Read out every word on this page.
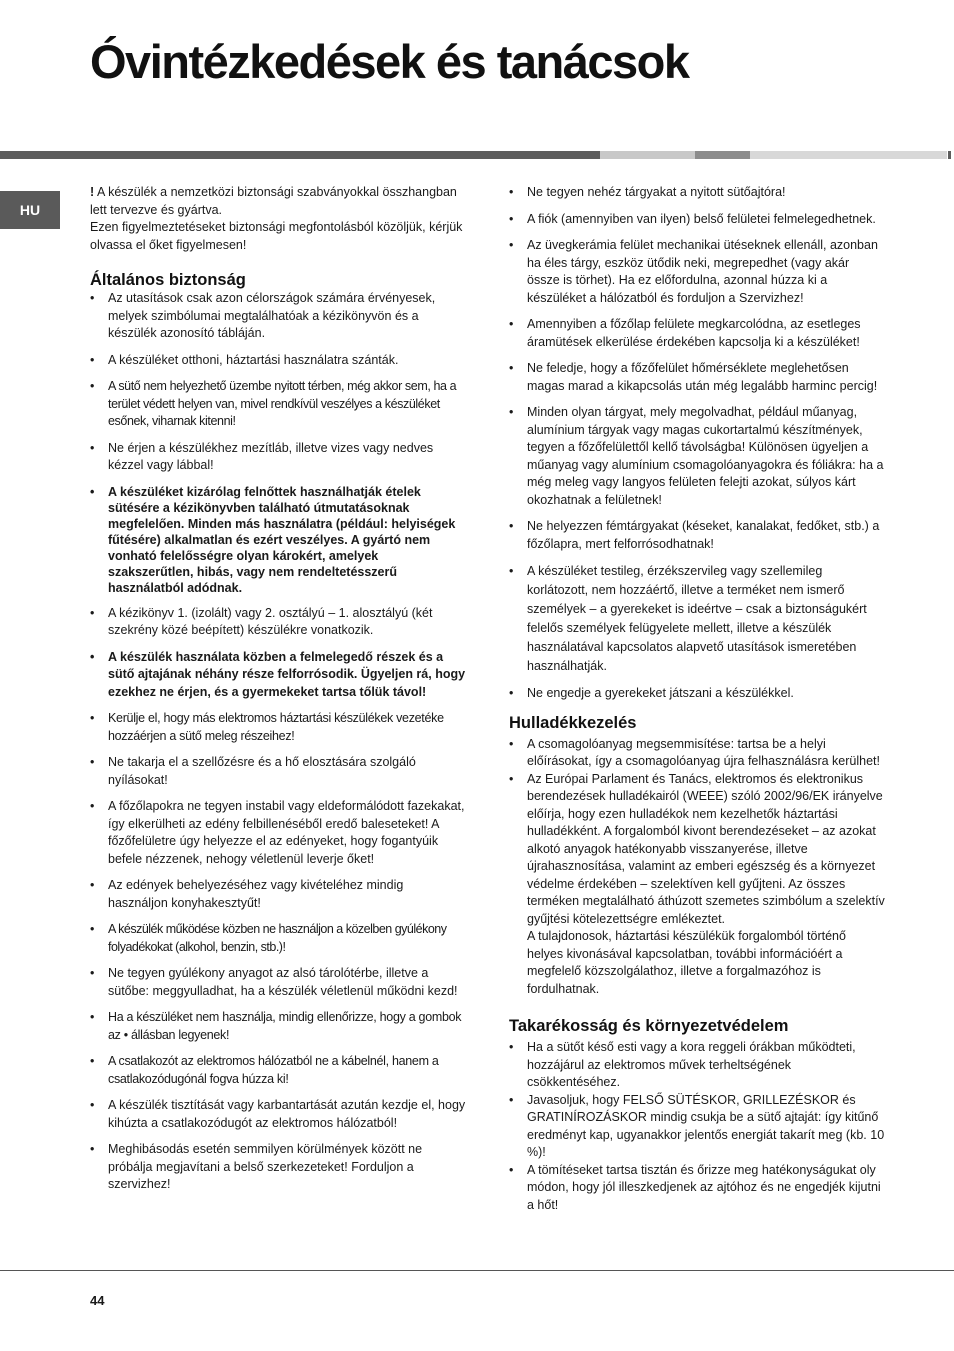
Óvintézkedések és tanácsok
HU

! A készülék a nemzetközi biztonsági szabványokkal összhangban lett tervezve és gyártva.

Ezen figyelmeztetéseket biztonsági megfontolásból közöljük, kérjük olvassa el őket figyelmesen!

Általános biztonság
• Az utasítások csak azon célországok számára érvényesek, melyek szimbólumai megtalálhatóak a kézikönyvön és a készülék azonosító tábláján.
• A készüléket otthoni, háztartási használatra szánták.
• A sütő nem helyezhető üzembe nyitott térben, még akkor sem, ha a terület védett helyen van, mivel rendkívül veszélyes a készüléket esőnek, viharnak kitenni!
• Ne érjen a készülékhez mezítláb, illetve vizes vagy nedves kézzel vagy lábbal!
• A készüléket kizárólag felnőttek használhatják ételek sütésére a kézikönyvben található útmutatásoknak megfelelően. Minden más használatra (például: helyiségek fűtésére) alkalmatlan és ezért veszélyes. A gyártó nem vonható felelősségre olyan károkért, amelyek szakszerűtlen, hibás, vagy nem rendeltetésszerű használatból adódnak.
• A kézikönyv 1. (izolált) vagy 2. osztályú – 1. alosztályú (két szekrény közé beépített) készülékre vonatkozik.
• A készülék használata közben a felmelegedő részek és a sütő ajtajának néhány része felforrósodik. Ügyeljen rá, hogy ezekhez ne érjen, és a gyermekeket tartsa tőlük távol!
• Kerülje el, hogy más elektromos háztartási készülékek vezetéke hozzáérjen a sütő meleg részeihez!
• Ne takarja el a szellőzésre és a hő elosztására szolgáló nyílásokat!
• A főzőlapokra ne tegyen instabil vagy eldeformálódott fazekakat, így elkerülheti az edény felbillenéséből eredő baleseteket! A főzőfelületre úgy helyezze el az edényeket, hogy fogantyúik befele nézzenek, nehogy véletlenül leverje őket!
• Az edények behelyezéséhez vagy kivételéhez mindig használjon konyhakesztyűt!
• A készülék működése közben ne használjon a közelben gyúlékony folyadékokat (alkohol, benzin, stb.)!
• Ne tegyen gyúlékony anyagot az alsó tárolótérbe, illetve a sütőbe: meggyulladhat, ha a készülék véletlenül működni kezd!
• Ha a készüléket nem használja, mindig ellenőrizze, hogy a gombok az • állásban legyenek!
• A csatlakozót az elektromos hálózatból ne a kábelnél, hanem a csatlakozódugónál fogva húzza ki!
• A készülék tisztítását vagy karbantartását azután kezdje el, hogy kihúzta a csatlakozódugót az elektromos hálózatból!
• Meghibásodás esetén semmilyen körülmények között ne próbálja megjavítani a belső szerkezeteket! Forduljon a szervizhez!
• Ne tegyen nehéz tárgyakat a nyitott sütőajtóra!
• A fiók (amennyiben van ilyen) belső felületei felmelegedhetnek.
• Az üvegkerámia felület mechanikai ütéseknek ellenáll, azonban ha éles tárgy, eszköz ütődik neki, megrepedhet (vagy akár össze is törhet). Ha ez előfordulna, azonnal húzza ki a készüléket a hálózatból és forduljon a Szervizhez!
• Amennyiben a főzőlap felülete megkarcolódna, az esetleges áramütések elkerülése érdekében kapcsolja ki a készüléket!
• Ne feledje, hogy a főzőfelület hőmérséklete meglehetősen magas marad a kikapcsolás után még legalább harminc percig!
• Minden olyan tárgyat, mely megolvadhat, például műanyag, alumínium tárgyak vagy magas cukortartalmú készítmények, tegyen a főzőfelülettől kellő távolságba! Különösen ügyeljen a műanyag vagy alumínium csomagolóanyagokra és fóliákra: ha a még meleg vagy langyos felületen felejti azokat, súlyos kárt okozhatnak a felületnek!
• Ne helyezzen fémtárgyakat (késeket, kanalakat, fedőket, stb.) a főzőlapra, mert felforrósodhatnak!
• A készüléket testileg, érzékszervileg vagy szellemileg korlátozott, nem hozzáértő, illetve a terméket nem ismerő személyek – a gyerekeket is ideértve – csak a biztonságukért felelős személyek felügyelete mellett, illetve a készülék használatával kapcsolatos alapvető utasítások ismeretében használhatják.
• Ne engedje a gyerekeket játszani a készülékkel.
Hulladékkezelés
• A csomagolóanyag megsemmisítése: tartsa be a helyi előírásokat, így a csomagolóanyag újra felhasználásra kerülhet!
• Az Európai Parlament és Tanács, elektromos és elektronikus berendezések hulladékairól (WEEE) szóló 2002/96/EK irányelve előírja, hogy ezen hulladékok nem kezelhetők háztartási hulladékként. A forgalomból kivont berendezéseket – az azokat alkotó anyagok hatékonyabb visszanyerése, illetve újrahasznosítása, valamint az emberi egészség és a környezet védelme érdekében – szelektíven kell gyűjteni. Az összes terméken megtalálható áthúzott szemetes szimbólum a szelektív gyűjtési kötelezettségre emlékeztet.
A tulajdonosok, háztartási készülékük forgalomból történő helyes kivonásával kapcsolatban, további információért a megfelelő közszolgálathoz, illetve a forgalmazóhoz is fordulhatnak.
Takarékosság és környezetvédelem
• Ha a sütőt késő esti vagy a kora reggeli órákban működteti, hozzájárul az elektromos művek terheltségének csökkentéséhez.
• Javasoljuk, hogy FELSŐ SÜTÉSKOR, GRILLEZÉSKOR és GRATINÍROZÁSKOR mindig csukja be a sütő ajtaját: így kitűnő eredményt kap, ugyanakkor jelentős energiát takarít meg (kb. 10 %)!
• A tömítéseket tartsa tisztán és őrizze meg hatékonyságukat oly módon, hogy jól illeszkedjenek az ajtóhoz és ne engedjék kijutni a hőt!
44
